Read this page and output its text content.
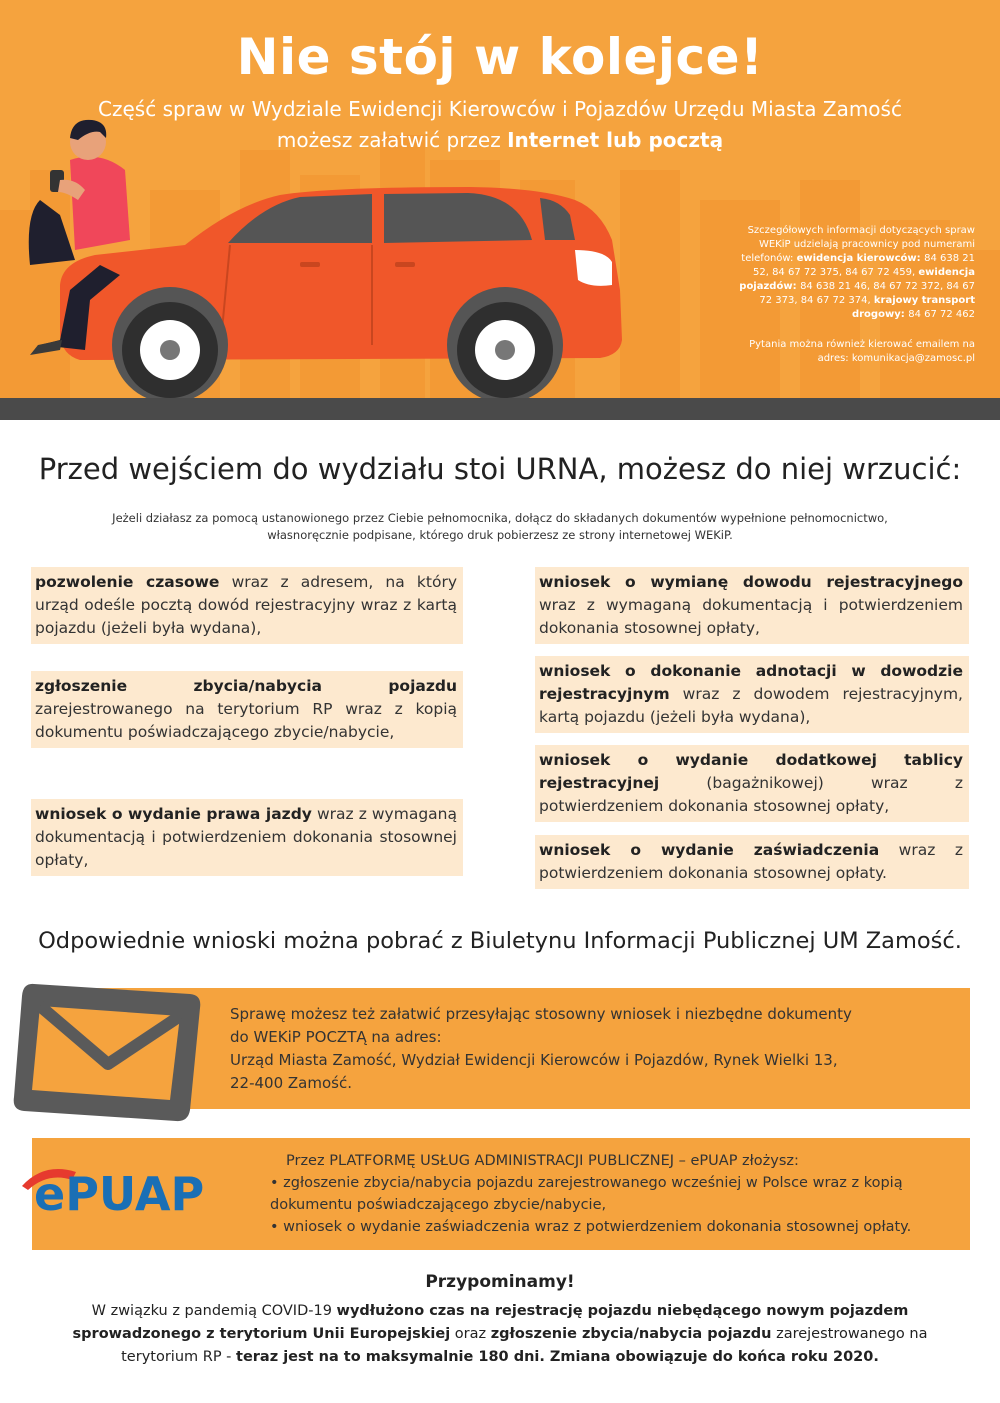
Nie stój w kolejce!
Część spraw w Wydziale Ewidencji Kierowców i Pojazdów Urzędu Miasta Zamość
możesz załatwić przez Internet lub pocztą
Szczegółowych informacji dotyczących spraw WEKiP udzielają pracownicy pod numerami telefonów: ewidencja kierowców: 84 638 21 52, 84 67 72 375, 84 67 72 459, ewidencja pojazdów: 84 638 21 46, 84 67 72 372, 84 67 72 373, 84 67 72 374, krajowy transport drogowy: 84 67 72 462
Pytania można również kierować emailem na adres: komunikacja@zamosc.pl
Przed wejściem do wydziału stoi URNA, możesz do niej wrzucić:
Jeżeli działasz za pomocą ustanowionego przez Ciebie pełnomocnika, dołącz do składanych dokumentów wypełnione pełnomocnictwo, własnoręcznie podpisane, którego druk pobierzesz ze strony internetowej WEKiP.
pozwolenie czasowe wraz z adresem, na który urząd odeśle pocztą dowód rejestracyjny wraz z kartą pojazdu (jeżeli była wydana),
zgłoszenie zbycia/nabycia pojazdu zarejestrowanego na terytorium RP wraz z kopią dokumentu poświadczającego zbycie/nabycie,
wniosek o wydanie prawa jazdy wraz z wymaganą dokumentacją i potwierdzeniem dokonania stosownej opłaty,
wniosek o wymianę dowodu rejestracyjnego wraz z wymaganą dokumentacją i potwierdzeniem dokonania stosownej opłaty,
wniosek o dokonanie adnotacji w dowodzie rejestracyjnym wraz z dowodem rejestracyjnym, kartą pojazdu (jeżeli była wydana),
wniosek o wydanie dodatkowej tablicy rejestracyjnej (bagażnikowej) wraz z potwierdzeniem dokonania stosownej opłaty,
wniosek o wydanie zaświadczenia wraz z potwierdzeniem dokonania stosownej opłaty.
Odpowiednie wnioski można pobrać z Biuletynu Informacji Publicznej UM Zamość.
Sprawę możesz też załatwić przesyłając stosowny wniosek i niezbędne dokumenty
do WEKiP POCZTĄ na adres:
Urząd Miasta Zamość, Wydział Ewidencji Kierowców i Pojazdów, Rynek Wielki 13,
22-400 Zamość.
ePUAP
Przez PLATFORMĘ USŁUG ADMINISTRACJI PUBLICZNEJ – ePUAP złożysz:
• zgłoszenie zbycia/nabycia pojazdu zarejestrowanego wcześniej w Polsce wraz z kopią dokumentu poświadczającego zbycie/nabycie,
• wniosek o wydanie zaświadczenia wraz z potwierdzeniem dokonania stosownej opłaty.
Przypominamy!
W związku z pandemią COVID-19 wydłużono czas na rejestrację pojazdu niebędącego nowym pojazdem sprowadzonego z terytorium Unii Europejskiej oraz zgłoszenie zbycia/nabycia pojazdu zarejestrowanego na terytorium RP - teraz jest na to maksymalnie 180 dni. Zmiana obowiązuje do końca roku 2020.
